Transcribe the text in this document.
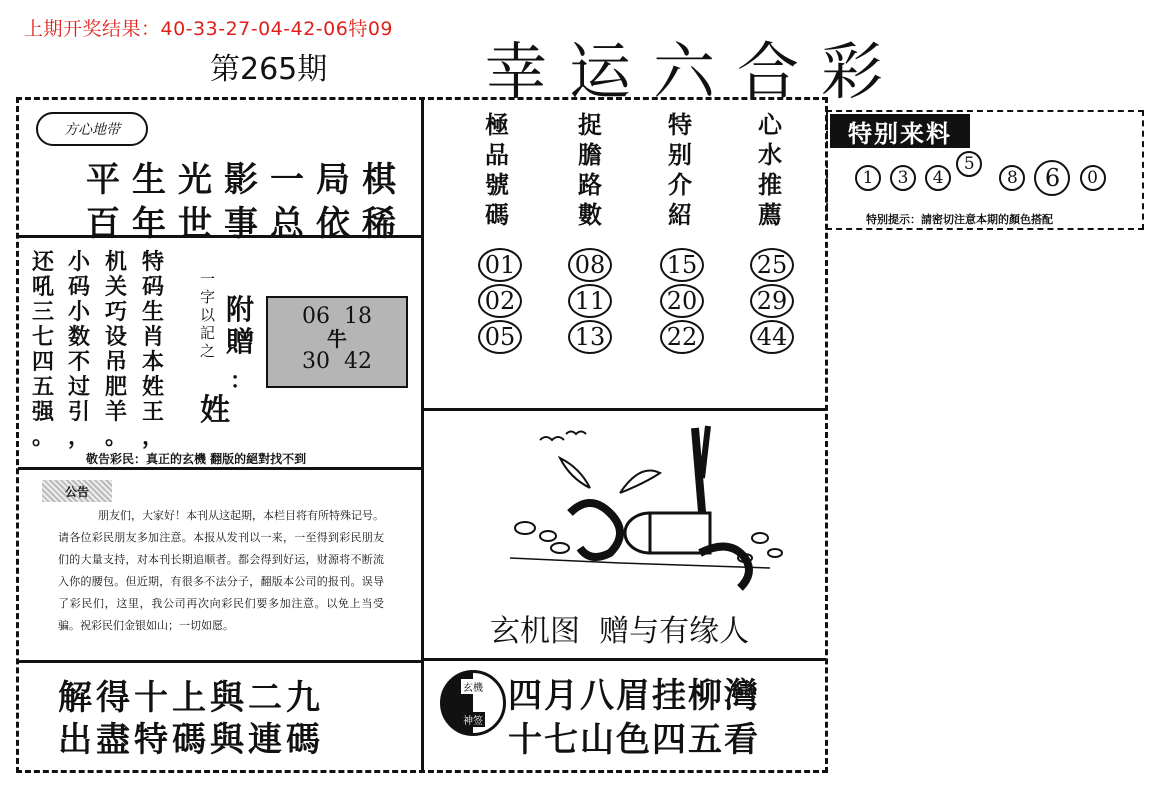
上期开奖结果：40-33-27-04-42-06特09
第265期	幸运六合彩
方心地带
平生光影一局棋
百年世事总依稀
特
码
生
肖
本
姓
王
，
机
关
巧
设
吊
肥
羊
。
小
码
小
数
不
过
引
，
还
吼
三
七
四
五
强
。
一
字
以
記
之
附
贈
：
姓
06  18
牛
30  42
敬告彩民：真正的玄機 翻版的絕對找不到
公告
朋友们，大家好！本刊从这起期，本栏目将有所特殊记号。请各位彩民朋友多加注意。本报从发刊以一来，一至得到彩民朋友们的大量支持，对本刊长期追顺者。都会得到好运，财源将不断流入你的腰包。但近期，有很多不法分子，翻版本公司的报刊。误导了彩民们，这里，我公司再次向彩民们要多加注意。以免上当受骗。祝彩民们金银如山；一切如愿。
解得十上與二九
出盡特碼與連碼
極
品
號
碼
捉
膽
路
數
特
别
介
紹
心
水
推
薦
01
02
05
08
11
13
15
20
22
25
29
44
玄机图  赠与有缘人
玄機
神签
四月八眉挂柳灣
十七山色四五看
特别来料
1 3 4 5 8 6 0
特别提示：請密切注意本期的顏色搭配
